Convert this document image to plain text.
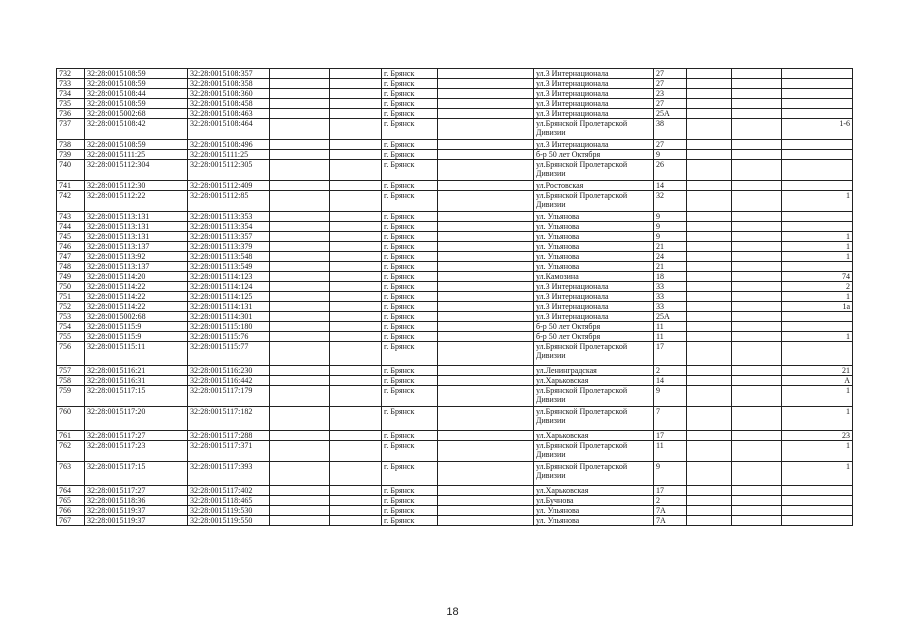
732	32:28:0015108:59	32:28:0015108:357			г. Брянск		ул.3 Интернационала	27			
733	32:28:0015108:59	32:28:0015108:358			г. Брянск		ул.3 Интернационала	27			
734	32:28:0015108:44	32:28:0015108:360			г. Брянск		ул.3 Интернационала	23			
735	32:28:0015108:59	32:28:0015108:458			г. Брянск		ул.3 Интернационала	27			
736	32:28:0015002:68	32:28:0015108:463			г. Брянск		ул.3 Интернационала	25А			
737	32:28:0015108:42	32:28:0015108:464			г. Брянск		ул.Брянской Пролетарской Дивизии	38			1-6
738	32:28:0015108:59	32:28:0015108:496			г. Брянск		ул.3 Интернационала	27			
739	32:28:0015111:25	32:28:0015111:25			г. Брянск		б-р 50 лет Октября	9			
740	32:28:0015112:304	32:28:0015112:305			г. Брянск		ул.Брянской Пролетарской Дивизии	26			
741	32:28:0015112:30	32:28:0015112:409			г. Брянск		ул.Ростовская	14			
742	32:28:0015112:22	32:28:0015112:85			г. Брянск		ул.Брянской Пролетарской Дивизии	32			1
743	32:28:0015113:131	32:28:0015113:353			г. Брянск		ул. Ульянова	9			
744	32:28:0015113:131	32:28:0015113:354			г. Брянск		ул. Ульянова	9			
745	32:28:0015113:131	32:28:0015113:357			г. Брянск		ул. Ульянова	9			1
746	32:28:0015113:137	32:28:0015113:379			г. Брянск		ул. Ульянова	21			1
747	32:28:0015113:92	32:28:0015113:548			г. Брянск		ул. Ульянова	24			1
748	32:28:0015113:137	32:28:0015113:549			г. Брянск		ул. Ульянова	21			
749	32:28:0015114:20	32:28:0015114:123			г. Брянск		ул.Камозина	18			74
750	32:28:0015114:22	32:28:0015114:124			г. Брянск		ул.3 Интернационала	33			2
751	32:28:0015114:22	32:28:0015114:125			г. Брянск		ул.3 Интернационала	33			1
752	32:28:0015114:22	32:28:0015114:131			г. Брянск		ул.3 Интернационала	33			1а
753	32:28:0015002:68	32:28:0015114:301			г. Брянск		ул.3 Интернационала	25А			
754	32:28:0015115:9	32:28:0015115:180			г. Брянск		б-р 50 лет Октября	11			
755	32:28:0015115:9	32:28:0015115:76			г. Брянск		б-р 50 лет Октября	11			1
756	32:28:0015115:11	32:28:0015115:77			г. Брянск		ул.Брянской Пролетарской Дивизии	17			
757	32:28:0015116:21	32:28:0015116:230			г. Брянск		ул.Ленинградская	2			21
758	32:28:0015116:31	32:28:0015116:442			г. Брянск		ул.Харьковская	14			А
759	32:28:0015117:15	32:28:0015117:179			г. Брянск		ул.Брянской Пролетарской Дивизии	9			1
760	32:28:0015117:20	32:28:0015117:182			г. Брянск		ул.Брянской Пролетарской Дивизии	7			1
761	32:28:0015117:27	32:28:0015117:288			г. Брянск		ул.Харьковская	17			23
762	32:28:0015117:23	32:28:0015117:371			г. Брянск		ул.Брянской Пролетарской Дивизии	11			1
763	32:28:0015117:15	32:28:0015117:393			г. Брянск		ул.Брянской Пролетарской Дивизии	9			1
764	32:28:0015117:27	32:28:0015117:402			г. Брянск		ул.Харьковская	17			
765	32:28:0015118:36	32:28:0015118:465			г. Брянск		ул.Бучнова	2			
766	32:28:0015119:37	32:28:0015119:530			г. Брянск		ул. Ульянова	7А			
767	32:28:0015119:37	32:28:0015119:550			г. Брянск		ул. Ульянова	7А			
18
